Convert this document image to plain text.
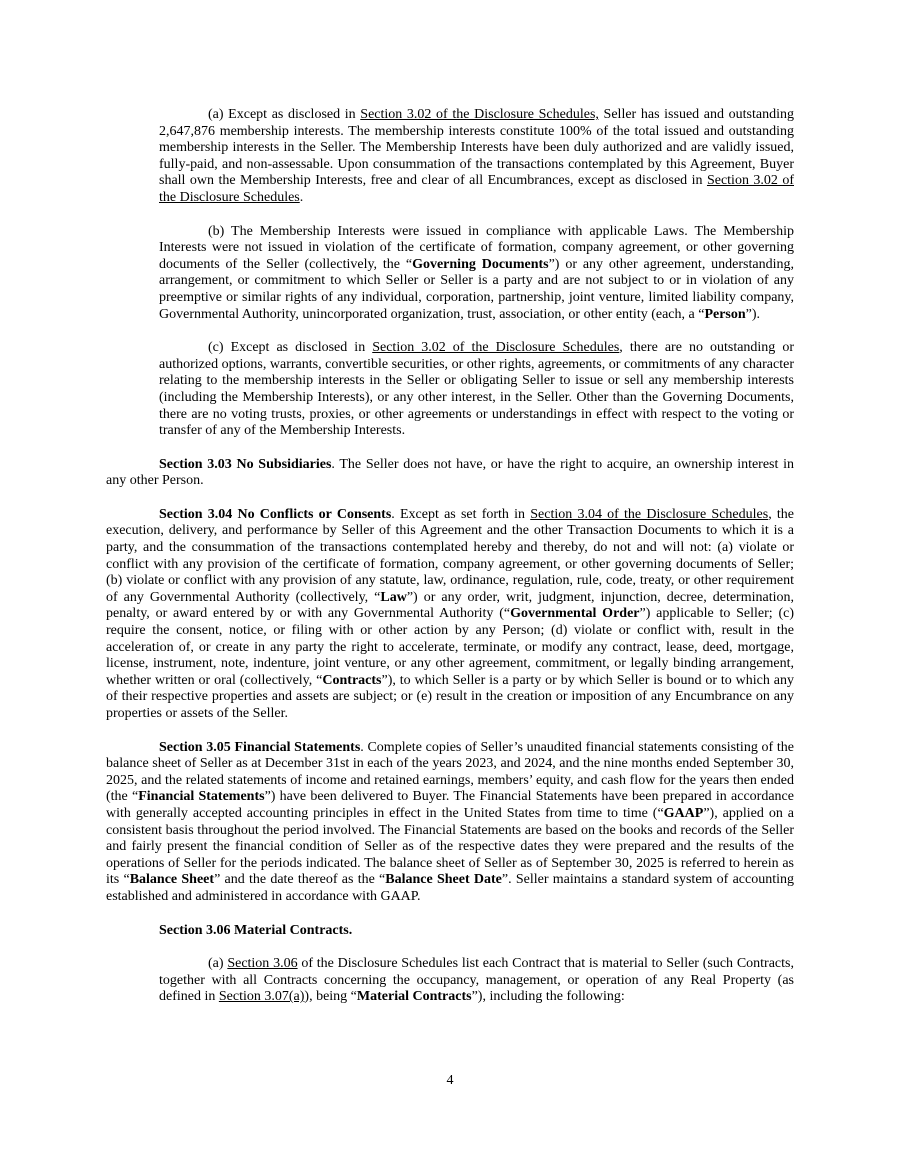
(a) Except as disclosed in Section 3.02 of the Disclosure Schedules, Seller has issued and outstanding 2,647,876 membership interests. The membership interests constitute 100% of the total issued and outstanding membership interests in the Seller. The Membership Interests have been duly authorized and are validly issued, fully-paid, and non-assessable. Upon consummation of the transactions contemplated by this Agreement, Buyer shall own the Membership Interests, free and clear of all Encumbrances, except as disclosed in Section 3.02 of the Disclosure Schedules.

(b) The Membership Interests were issued in compliance with applicable Laws. The Membership Interests were not issued in violation of the certificate of formation, company agreement, or other governing documents of the Seller (collectively, the “Governing Documents”) or any other agreement, understanding, arrangement, or commitment to which Seller or Seller is a party and are not subject to or in violation of any preemptive or similar rights of any individual, corporation, partnership, joint venture, limited liability company, Governmental Authority, unincorporated organization, trust, association, or other entity (each, a “Person”).

(c) Except as disclosed in Section 3.02 of the Disclosure Schedules, there are no outstanding or authorized options, warrants, convertible securities, or other rights, agreements, or commitments of any character relating to the membership interests in the Seller or obligating Seller to issue or sell any membership interests (including the Membership Interests), or any other interest, in the Seller. Other than the Governing Documents, there are no voting trusts, proxies, or other agreements or understandings in effect with respect to the voting or transfer of any of the Membership Interests.

Section 3.03 No Subsidiaries. The Seller does not have, or have the right to acquire, an ownership interest in any other Person.

Section 3.04 No Conflicts or Consents. Except as set forth in Section 3.04 of the Disclosure Schedules, the execution, delivery, and performance by Seller of this Agreement and the other Transaction Documents to which it is a party, and the consummation of the transactions contemplated hereby and thereby, do not and will not: (a) violate or conflict with any provision of the certificate of formation, company agreement, or other governing documents of Seller; (b) violate or conflict with any provision of any statute, law, ordinance, regulation, rule, code, treaty, or other requirement of any Governmental Authority (collectively, “Law”) or any order, writ, judgment, injunction, decree, determination, penalty, or award entered by or with any Governmental Authority (“Governmental Order”) applicable to Seller; (c) require the consent, notice, or filing with or other action by any Person; (d) violate or conflict with, result in the acceleration of, or create in any party the right to accelerate, terminate, or modify any contract, lease, deed, mortgage, license, instrument, note, indenture, joint venture, or any other agreement, commitment, or legally binding arrangement, whether written or oral (collectively, “Contracts”), to which Seller is a party or by which Seller is bound or to which any of their respective properties and assets are subject; or (e) result in the creation or imposition of any Encumbrance on any properties or assets of the Seller.

Section 3.05 Financial Statements. Complete copies of Seller’s unaudited financial statements consisting of the balance sheet of Seller as at December 31st in each of the years 2023, and 2024, and the nine months ended September 30, 2025, and the related statements of income and retained earnings, members’ equity, and cash flow for the years then ended (the “Financial Statements”) have been delivered to Buyer. The Financial Statements have been prepared in accordance with generally accepted accounting principles in effect in the United States from time to time (“GAAP”), applied on a consistent basis throughout the period involved. The Financial Statements are based on the books and records of the Seller and fairly present the financial condition of Seller as of the respective dates they were prepared and the results of the operations of Seller for the periods indicated. The balance sheet of Seller as of September 30, 2025 is referred to herein as its “Balance Sheet” and the date thereof as the “Balance Sheet Date”. Seller maintains a standard system of accounting established and administered in accordance with GAAP.

Section 3.06 Material Contracts.

(a) Section 3.06 of the Disclosure Schedules list each Contract that is material to Seller (such Contracts, together with all Contracts concerning the occupancy, management, or operation of any Real Property (as defined in Section 3.07(a)), being “Material Contracts”), including the following:

4
